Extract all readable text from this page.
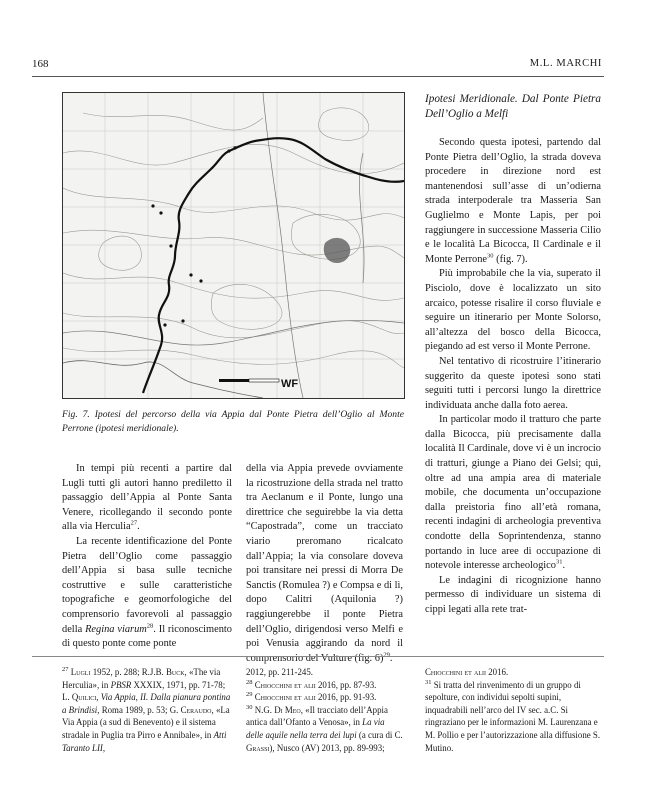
168	M.L. MARCHI
WF
Fig. 7. Ipotesi del percorso della via Appia dal Ponte Pietra dell’Oglio al Monte Perrone (ipotesi meridionale).

In tempi più recenti a partire dal Lugli tutti gli autori hanno prediletto il passaggio dell’Appia al Ponte Santa Venere, ricollegando il secondo ponte alla via Herculia$^{27}$.

La recente identificazione del Ponte Pietra dell’Oglio come passaggio dell’Appia si basa sulle tecniche costruttive e sulle caratteristiche topografiche e geomorfologiche del comprensorio favorevoli al passaggio della Regina viarum$^{28}$. Il riconoscimento di questo ponte come ponte

della via Appia prevede ovviamente la ricostruzione della strada nel tratto tra Aeclanum e il Ponte, lungo una direttrice che seguirebbe la via detta “Capostrada”, come un tracciato viario preromano ricalcato dall’Appia; la via consolare doveva poi transitare nei pressi di Morra De Sanctis (Romulea ?) e Compsa e di lì, dopo Calitri (Aquilonia ?) raggiungerebbe il ponte Pietra dell’Oglio, dirigendosi verso Melfi e poi Venusia aggirando da nord il comprensorio del Vulture (fig. 6)$^{29}$.

Ipotesi Meridionale. Dal Ponte Pietra Dell’Oglio a Melfi

Secondo questa ipotesi, partendo dal Ponte Pietra dell’Oglio, la strada doveva procedere in direzione nord est mantenendosi sull’asse di un’odierna strada interpoderale tra Masseria San Guglielmo e Monte Lapis, per poi raggiungere in successione Masseria Cilio e le località La Bicocca, Il Cardinale e il Monte Perrone$^{30}$ (fig. 7).

Più improbabile che la via, superato il Pisciolo, dove è localizzato un sito arcaico, potesse risalire il corso fluviale e seguire un itinerario per Monte Solorso, all’altezza del bosco della Bicocca, piegando ad est verso il Monte Perrone.

Nel tentativo di ricostruire l’itinerario suggerito da queste ipotesi sono stati seguiti tutti i percorsi lungo la direttrice individuata anche dalla foto aerea.

In particolar modo il tratturo che parte dalla Bicocca, più precisamente dalla località Il Cardinale, dove vi è un incrocio di tratturi, giunge a Piano dei Gelsi; qui, oltre ad una ampia area di materiale mobile, che documenta un’occupazione dalla preistoria fino all’età romana, recenti indagini di archeologia preventiva condotte della Soprintendenza, stanno portando in luce aree di occupazione di notevole interesse archeologico$^{31}$.

Le indagini di ricognizione hanno permesso di individuare un sistema di cippi legati alla rete trat-

$^{27}$ Lugli 1952, p. 288; R.J.B. Buck, «The via Herculia», in PBSR XXXIX, 1971, pp. 71-78; L. Quilici, Via Appia, II. Dalla pianura pontina a Brindisi, Roma 1989, p. 53; G. Ceraudo, «La Via Appia (a sud di Benevento) e il sistema stradale in Puglia tra Pirro e Annibale», in Atti Taranto LII,

2012, pp. 211-245.

$^{28}$ Chiocchini et alii 2016, pp. 87-93.

$^{29}$ Chiocchini et alii 2016, pp. 91-93.

$^{30}$ N.G. Di Meo, «Il tracciato dell’Appia antica dall’Ofanto a Venosa», in La via delle aquile nella terra dei lupi (a cura di C. Grassi), Nusco (AV) 2013, pp. 89-993;

Chiocchini et alii 2016.

$^{31}$ Si tratta del rinvenimento di un gruppo di sepolture, con individui sepolti supini, inquadrabili nell’arco del IV sec. a.C. Si ringraziano per le informazioni M. Laurenzana e M. Pollio e per l’autorizzazione alla diffusione S. Mutino.
